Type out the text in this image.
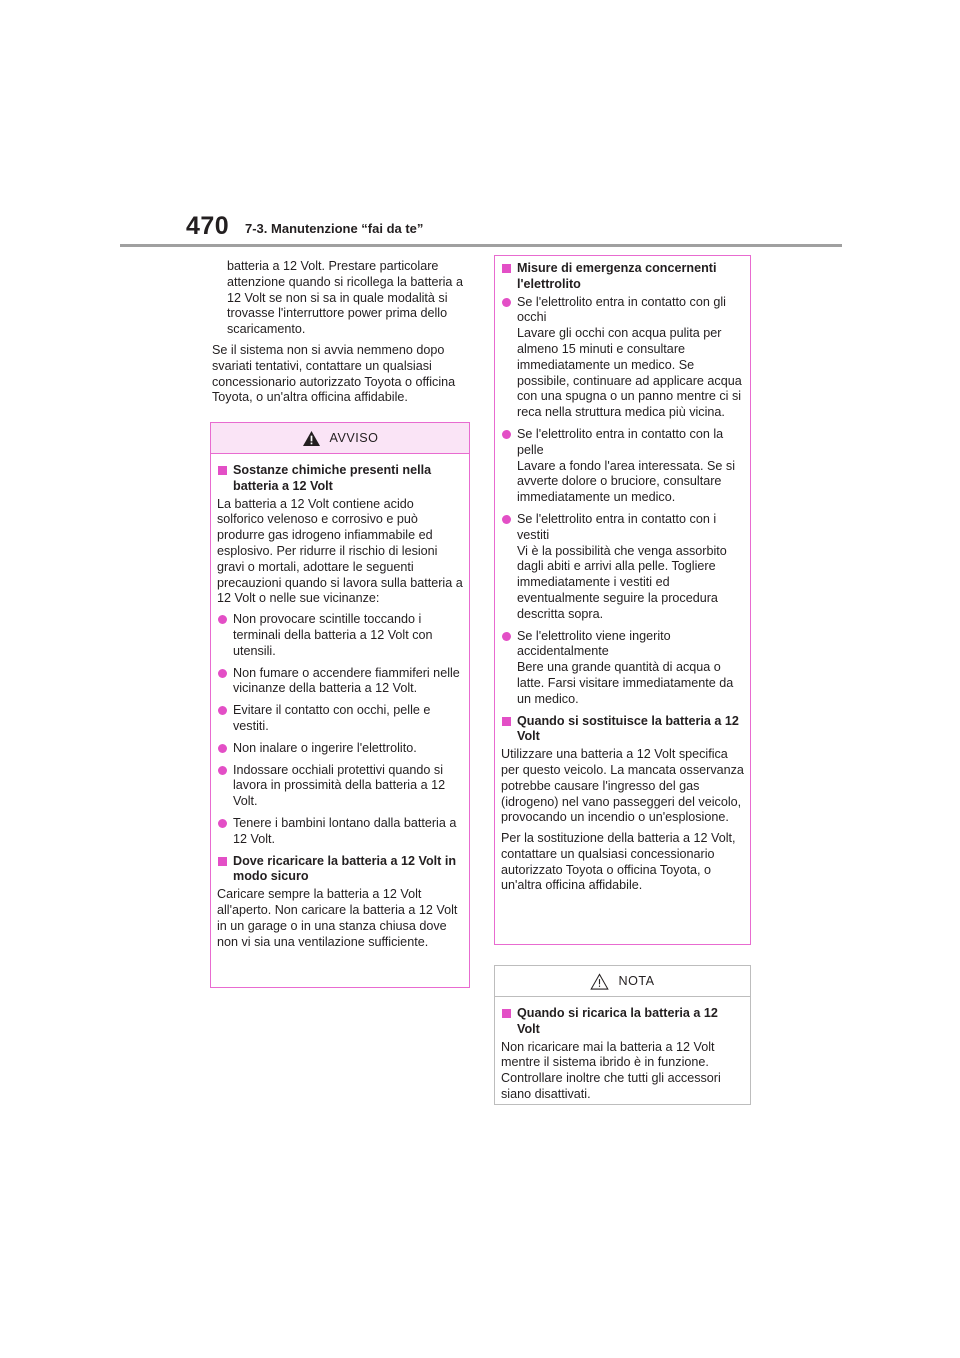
470 7-3. Manutenzione “fai da te”

batteria a 12 Volt. Prestare particolare attenzione quando si ricollega la batteria a 12 Volt se non si sa in quale modalità si trovasse l'interruttore power prima dello scaricamento.

Se il sistema non si avvia nemmeno dopo svariati tentativi, contattare un qualsiasi concessionario autorizzato Toyota o officina Toyota, o un'altra officina affidabile.

AVVISO

Sostanze chimiche presenti nella batteria a 12 Volt

La batteria a 12 Volt contiene acido solforico velenoso e corrosivo e può produrre gas idrogeno infiammabile ed esplosivo. Per ridurre il rischio di lesioni gravi o mortali, adottare le seguenti precauzioni quando si lavora sulla batteria a 12 Volt o nelle sue vicinanze:

Non provocare scintille toccando i terminali della batteria a 12 Volt con utensili.

Non fumare o accendere fiammiferi nelle vicinanze della batteria a 12 Volt.

Evitare il contatto con occhi, pelle e vestiti.

Non inalare o ingerire l'elettrolito.

Indossare occhiali protettivi quando si lavora in prossimità della batteria a 12 Volt.

Tenere i bambini lontano dalla batteria a 12 Volt.

Dove ricaricare la batteria a 12 Volt in modo sicuro

Caricare sempre la batteria a 12 Volt all'aperto. Non caricare la batteria a 12 Volt in un garage o in una stanza chiusa dove non vi sia una ventilazione sufficiente.

Misure di emergenza concernenti l'elettrolito

Se l'elettrolito entra in contatto con gli occhi
Lavare gli occhi con acqua pulita per almeno 15 minuti e consultare immediatamente un medico. Se possibile, continuare ad applicare acqua con una spugna o un panno mentre ci si reca nella struttura medica più vicina.
Se l'elettrolito entra in contatto con la pelle
Lavare a fondo l'area interessata. Se si avverte dolore o bruciore, consultare immediatamente un medico.
Se l'elettrolito entra in contatto con i vestiti
Vi è la possibilità che venga assorbito dagli abiti e arrivi alla pelle. Togliere immediatamente i vestiti ed eventualmente seguire la procedura descritta sopra.
Se l'elettrolito viene ingerito accidentalmente
Bere una grande quantità di acqua o latte. Farsi visitare immediatamente da un medico.

Quando si sostituisce la batteria a 12 Volt

Utilizzare una batteria a 12 Volt specifica per questo veicolo. La mancata osservanza potrebbe causare l'ingresso del gas (idrogeno) nel vano passeggeri del veicolo, provocando un incendio o un'esplosione.

Per la sostituzione della batteria a 12 Volt, contattare un qualsiasi concessionario autorizzato Toyota o officina Toyota, o un'altra officina affidabile.

NOTA

Quando si ricarica la batteria a 12 Volt

Non ricaricare mai la batteria a 12 Volt mentre il sistema ibrido è in funzione. Controllare inoltre che tutti gli accessori siano disattivati.
